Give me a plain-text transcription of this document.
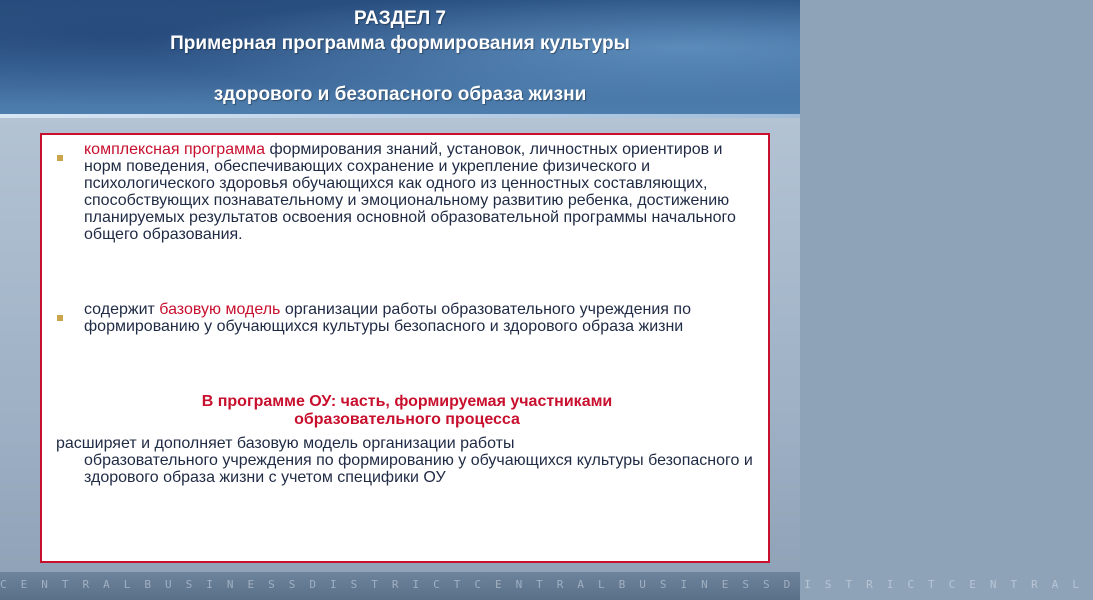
РАЗДЕЛ 7
Примерная программа формирования культуры
здорового и безопасного образа жизни
CENTRALBUSINESSDISTRICTCENTRALBUSINESSDISTRICTCENTRAL
комплексная программа формирования знаний, установок, личностных ориентиров и норм поведения, обеспечивающих сохранение и укрепление физического и психологического здоровья обучающихся как одного из ценностных составляющих, способствующих познавательному и эмоциональному развитию ребенка, достижению планируемых результатов освоения основной образовательной программы начального общего образования.
содержит базовую модель организации работы образовательного учреждения по формированию у обучающихся культуры безопасного и здорового образа жизни
В программе ОУ: часть, формируемая участниками
образовательного процесса
расширяет и дополняет базовую модель организации работы
образовательного учреждения по формированию у обучающихся культуры безопасного и здорового образа жизни с учетом специфики ОУ
